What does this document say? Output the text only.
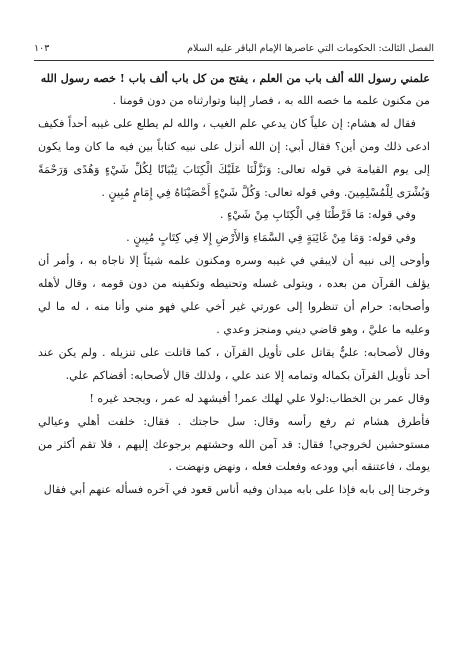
الفصل الثالث: الحكومات التي عاصرها الإمام الباقر عليه السلام
١٠٣

علمني رسول الله ألف باب من العلم ، يفتح من كل باب ألف باب ! خصه رسول الله

من مكنون علمه ما خصه الله به ، فصار إلينا وتوارثناه من دون قومنا .

فقال له هشام: إن علياً كان يدعي علم الغيب ، والله لم يطلع على غيبه أحداً فكيف ادعى ذلك ومن أين؟ فقال أبي: إن الله أنزل على نبيه كتاباً بين فيه ما كان وما يكون إلى يوم القيامة في قوله تعالى: وَنَزَّلْنَا عَلَيْكَ الْكِتَابَ تِبْيَانًا لِكُلِّ شَيْءٍ وَهُدًى وَرَحْمَةً وَبُشْرَى لِلْمُسْلِمِينَ. وفي قوله تعالى: وَكُلَّ شَيْءٍ أَحْصَيْنَاهُ فِي إِمَامٍ مُبِينٍ .

وفي قوله: مَا فَرَّطْنَا فِي الْكِتَابِ مِنْ شَيْءٍ .

وفي قوله: وَمَا مِنْ غَائِبَةٍ فِي السَّمَاءِ وَالأَرْضِ إِلا فِي كِتَابٍ مُبِينٍ .

وأوحى إلى نبيه أن لايبقي في غيبه وسره ومكنون علمه شيئاً إلا ناجاه به ، وأمر أن يؤلف القرآن من بعده ، ويتولى غسله وتحنيطه وتكفينه من دون قومه ، وقال لأهله وأصحابه: حرام أن تنظروا إلى عورتي غير أخي علي فهو مني وأنا منه ، له ما لي وعليه ما عليَّ ، وهو قاضي ديني ومنجز وعدي .

وقال لأصحابه: عليٌّ يقاتل على تأويل القرآن ، كما قاتلت على تنزيله . ولم يكن عند أحد تأويل القرآن بكماله وتمامه إلا عند علي ، ولذلك قال لأصحابه: أقضاكم علي.

وقال عمر بن الخطاب:لولا علي لهلك عمر! أفيشهد له عمر ، ويجحد غيره !

فأطرق هشام ثم رفع رأسه وقال: سل حاجتك . فقال: خلفت أهلي وعيالي مستوحشين لخروجي! فقال: قد آمن الله وحشتهم برجوعك إليهم ، فلا تقم أكثر من يومك ، فاعتنقه أبي وودعه وفعلت فعله ، ونهض ونهضت .

وخرجنا إلى بابه فإذا على بابه ميدان وفيه أناس قعود في آخره فسأله عنهم أبي فقال
